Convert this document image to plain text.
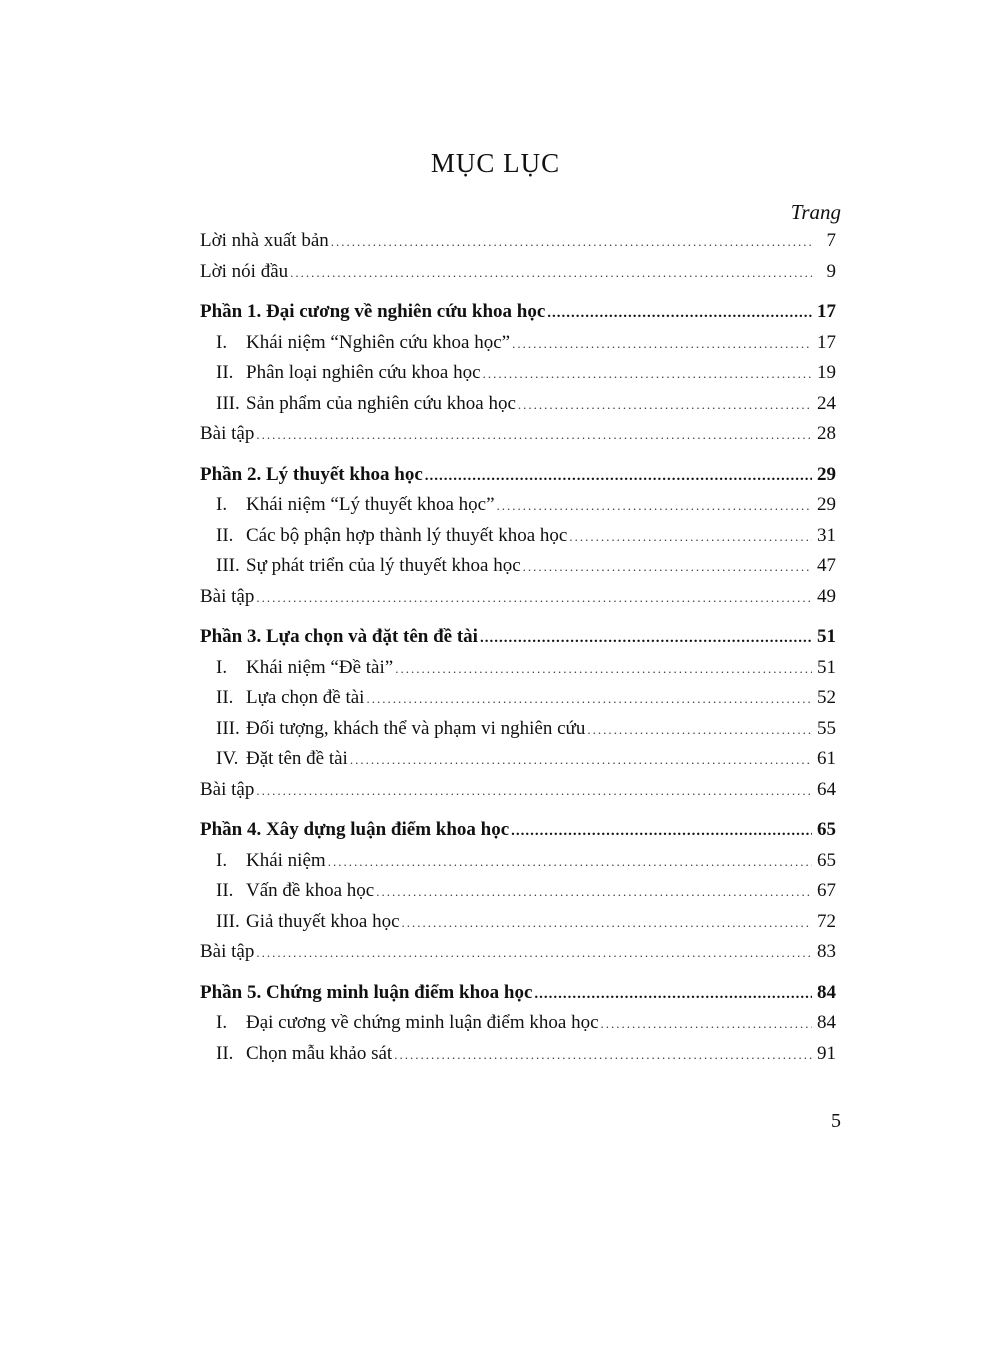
MỤC LỤC
Trang
Lời nhà xuất bản .....	7
Lời nói đầu .....	9
Phần 1. Đại cương về nghiên cứu khoa học .....	17
I. Khái niệm “Nghiên cứu khoa học” .....	17
II. Phân loại nghiên cứu khoa học .....	19
III. Sản phẩm của nghiên cứu khoa học .....	24
Bài tập .....	28
Phần 2. Lý thuyết khoa học .....	29
I. Khái niệm “Lý thuyết khoa học” .....	29
II. Các bộ phận hợp thành lý thuyết khoa học .....	31
III. Sự phát triển của lý thuyết khoa học .....	47
Bài tập .....	49
Phần 3. Lựa chọn và đặt tên đề tài .....	51
I. Khái niệm “Đề tài” .....	51
II. Lựa chọn đề tài .....	52
III. Đối tượng, khách thể và phạm vi nghiên cứu .....	55
IV. Đặt tên đề tài .....	61
Bài tập .....	64
Phần 4. Xây dựng luận điểm khoa học .....	65
I. Khái niệm .....	65
II. Vấn đề khoa học .....	67
III. Giả thuyết khoa học .....	72
Bài tập .....	83
Phần 5. Chứng minh luận điểm khoa học .....	84
I. Đại cương về chứng minh luận điểm khoa học .....	84
II. Chọn mẫu khảo sát .....	91
5
